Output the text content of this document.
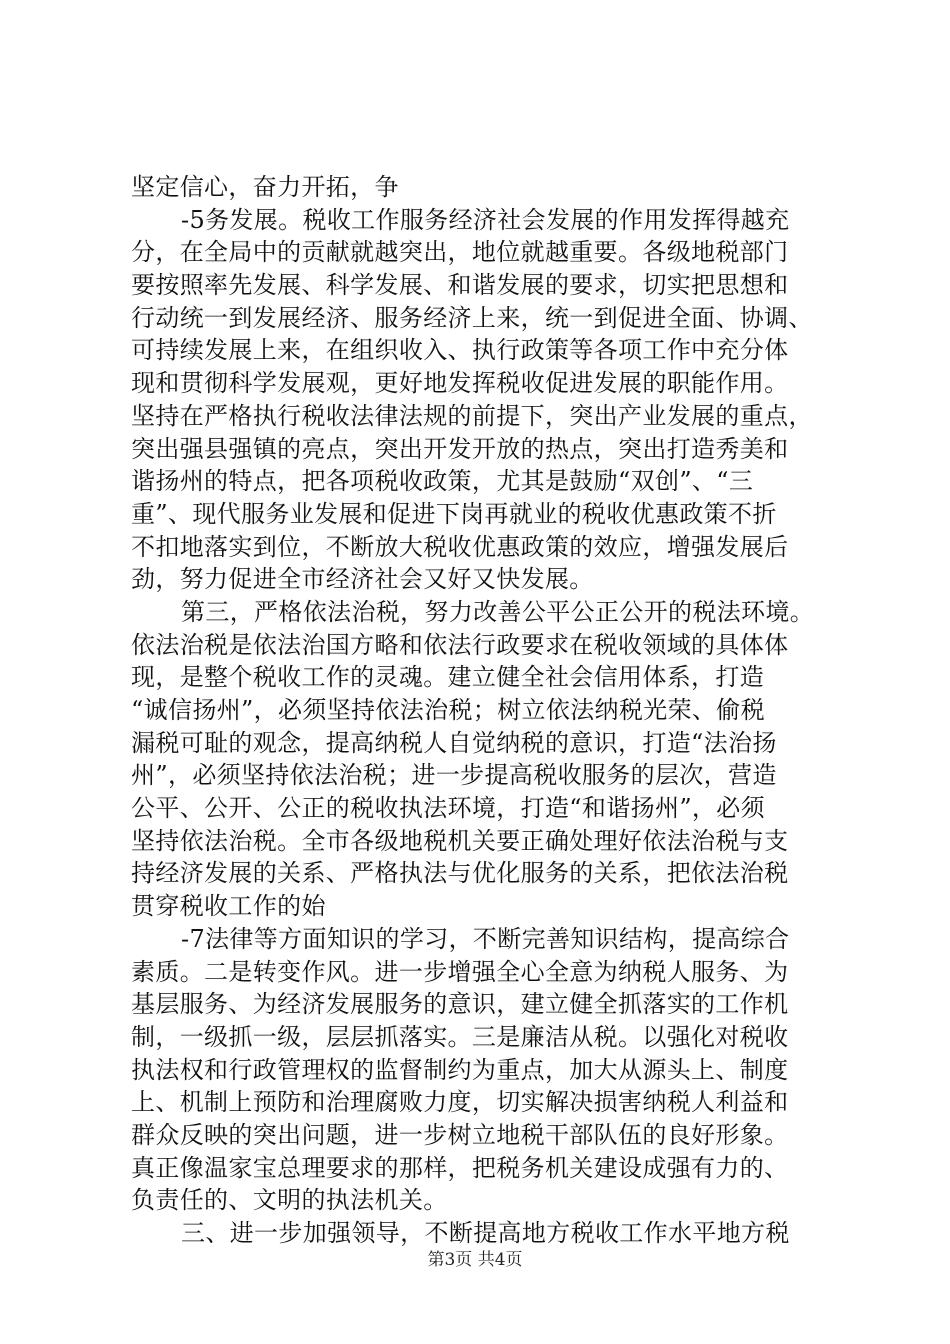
坚定信心，奋力开拓，争
-5务发展。税收工作服务经济社会发展的作用发挥得越充
分，在全局中的贡献就越突出，地位就越重要。各级地税部门
要按照率先发展、科学发展、和谐发展的要求，切实把思想和
行动统一到发展经济、服务经济上来，统一到促进全面、协调、
可持续发展上来，在组织收入、执行政策等各项工作中充分体
现和贯彻科学发展观，更好地发挥税收促进发展的职能作用。
坚持在严格执行税收法律法规的前提下，突出产业发展的重点，
突出强县强镇的亮点，突出开发开放的热点，突出打造秀美和
谐扬州的特点，把各项税收政策，尤其是鼓励“双创”、“三
重”、现代服务业发展和促进下岗再就业的税收优惠政策不折
不扣地落实到位，不断放大税收优惠政策的效应，增强发展后
劲，努力促进全市经济社会又好又快发展。
第三，严格依法治税，努力改善公平公正公开的税法环境。
依法治税是依法治国方略和依法行政要求在税收领域的具体体
现，是整个税收工作的灵魂。建立健全社会信用体系，打造
“诚信扬州”，必须坚持依法治税；树立依法纳税光荣、偷税
漏税可耻的观念，提高纳税人自觉纳税的意识，打造“法治扬
州”，必须坚持依法治税；进一步提高税收服务的层次，营造
公平、公开、公正的税收执法环境，打造“和谐扬州”，必须
坚持依法治税。全市各级地税机关要正确处理好依法治税与支
持经济发展的关系、严格执法与优化服务的关系，把依法治税
贯穿税收工作的始
-7法律等方面知识的学习，不断完善知识结构，提高综合
素质。二是转变作风。进一步增强全心全意为纳税人服务、为
基层服务、为经济发展服务的意识，建立健全抓落实的工作机
制，一级抓一级，层层抓落实。三是廉洁从税。以强化对税收
执法权和行政管理权的监督制约为重点，加大从源头上、制度
上、机制上预防和治理腐败力度，切实解决损害纳税人利益和
群众反映的突出问题，进一步树立地税干部队伍的良好形象。
真正像温家宝总理要求的那样，把税务机关建设成强有力的、
负责任的、文明的执法机关。
三、进一步加强领导，不断提高地方税收工作水平地方税
第3页 共4页
